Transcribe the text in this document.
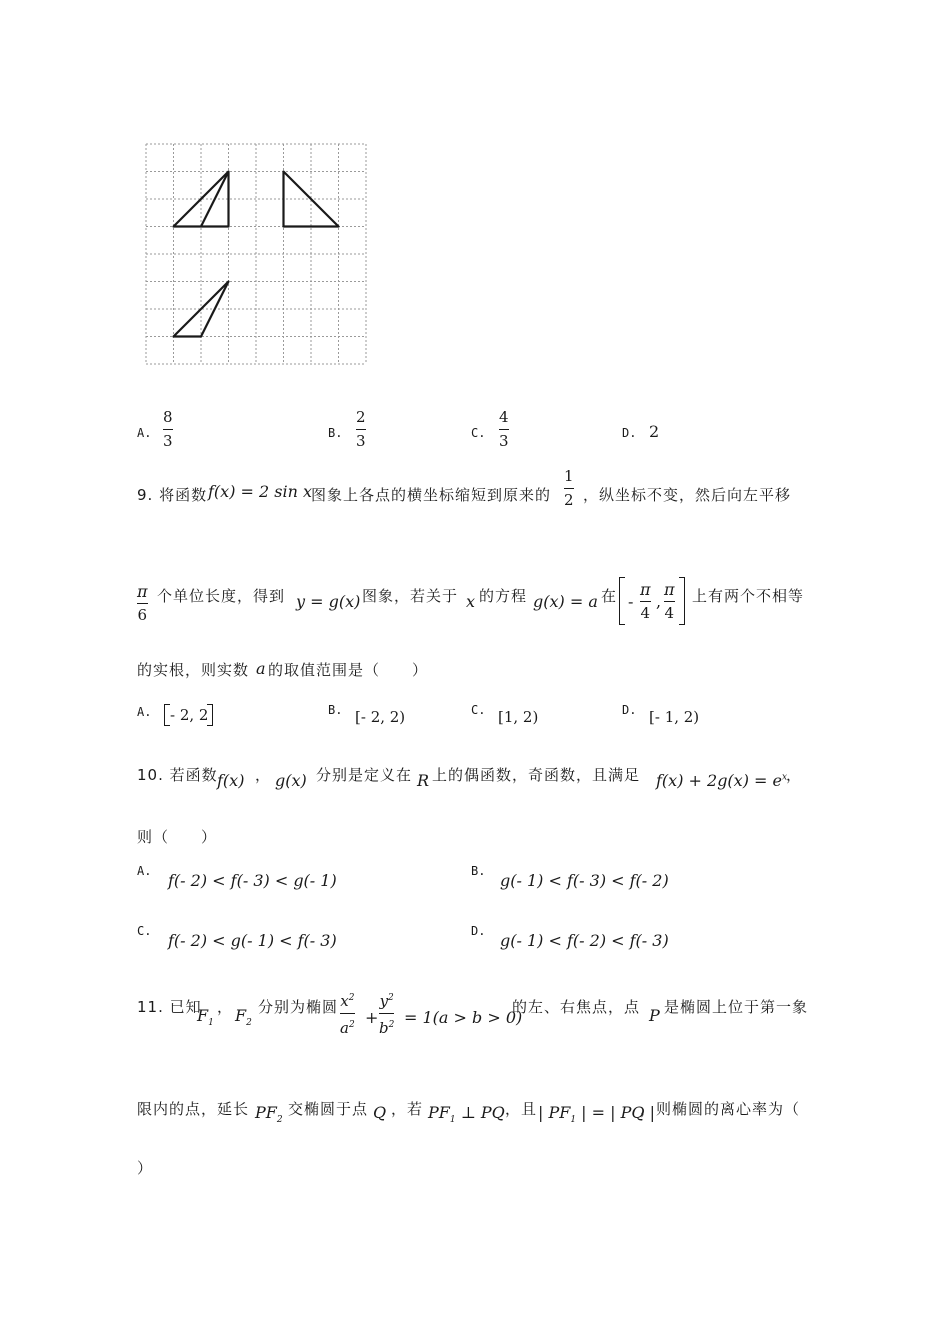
A.
8
3	B.
2
3	C.
4
3	D. 2
9. 将函数 f(x) = 2 sin x
图象上各点的横坐标缩短到原来的
1
2 ，纵坐标不变，然后向左平移
π
6
个单位长度，得到 y = g(x) 图象，若关于 x 的方程 g(x) = a 在 -
π
4
,
π
4
上有两个不相等
的实根，则实数 a 的取值范围是（　　）
A. - 2, 2	B. [- 2, 2)	C. [1, 2)	D. [- 1, 2)
10. 若函数 f(x) ， g(x) 分别是定义在 R 上的偶函数，奇函数，且满足 $f(x) + 2g(x) = e^x$
，
则（　　）
A. f(- 2) < f(- 3) < g(- 1)	B. g(- 1) < f(- 3) < f(- 2)
C. f(- 2) < g(- 1) < f(- 3)	D. g(- 1) < f(- 2) < f(- 3)
11. 已知
$F_1$
， $F_2$
分别为椭圆 $x^2$
$a^2$ +
$y^2$
$b^2 = 1(a > b > 0)$
的左、右焦点，点 P 是椭圆上位于第一象
限内的点，延长 $PF_2$
交椭圆于点 Q ，若 $PF_1$ ⊥ PQ ，且 | $PF_1$ | = | PQ |
，则椭圆的离心率为（
）
